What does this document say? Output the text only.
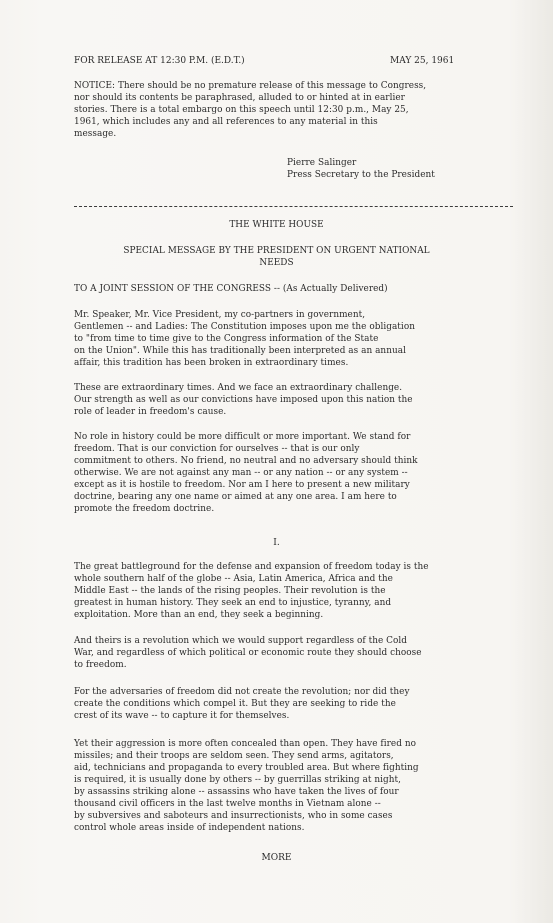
FOR RELEASE AT 12:30 P.M. (E.D.T.)	MAY 25, 1961
NOTICE: There should be no premature release of this message to Congress,
nor should its contents be paraphrased, alluded to or hinted at in earlier
stories. There is a total embargo on this speech until 12:30 p.m., May 25,
1961, which includes any and all references to any material in this
message.
Pierre Salinger
Press Secretary to the President
THE WHITE HOUSE
SPECIAL MESSAGE BY THE PRESIDENT ON URGENT NATIONAL
NEEDS
TO A JOINT SESSION OF THE CONGRESS -- (As Actually Delivered)
Mr. Speaker, Mr. Vice President, my co-partners in government,
Gentlemen -- and Ladies: The Constitution imposes upon me the obligation
to "from time to time give to the Congress information of the State
on the Union". While this has traditionally been interpreted as an annual
affair, this tradition has been broken in extraordinary times.
These are extraordinary times. And we face an extraordinary challenge.
Our strength as well as our convictions have imposed upon this nation the
role of leader in freedom's cause.
No role in history could be more difficult or more important. We stand for
freedom. That is our conviction for ourselves -- that is our only
commitment to others. No friend, no neutral and no adversary should think
otherwise. We are not against any man -- or any nation -- or any system --
except as it is hostile to freedom. Nor am I here to present a new military
doctrine, bearing any one name or aimed at any one area. I am here to
promote the freedom doctrine.
I.
The great battleground for the defense and expansion of freedom today is the
whole southern half of the globe -- Asia, Latin America, Africa and the
Middle East -- the lands of the rising peoples. Their revolution is the
greatest in human history. They seek an end to injustice, tyranny, and
exploitation. More than an end, they seek a beginning.
And theirs is a revolution which we would support regardless of the Cold
War, and regardless of which political or economic route they should choose
to freedom.
For the adversaries of freedom did not create the revolution; nor did they
create the conditions which compel it. But they are seeking to ride the
crest of its wave -- to capture it for themselves.
Yet their aggression is more often concealed than open. They have fired no
missiles; and their troops are seldom seen. They send arms, agitators,
aid, technicians and propaganda to every troubled area. But where fighting
is required, it is usually done by others -- by guerrillas striking at night,
by assassins striking alone -- assassins who have taken the lives of four
thousand civil officers in the last twelve months in Vietnam alone --
by subversives and saboteurs and insurrectionists, who in some cases
control whole areas inside of independent nations.
MORE
